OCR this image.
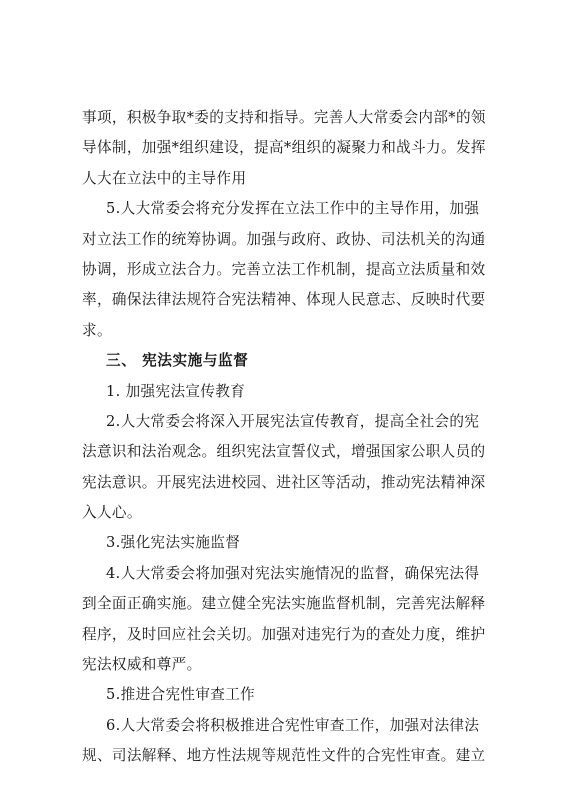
事项，积极争取*委的支持和指导。完善人大常委会内部*的领
导体制，加强*组织建设，提高*组织的凝聚力和战斗力。发挥
人大在立法中的主导作用
5.人大常委会将充分发挥在立法工作中的主导作用，加强
对立法工作的统筹协调。加强与政府、政协、司法机关的沟通
协调，形成立法合力。完善立法工作机制，提高立法质量和效
率，确保法律法规符合宪法精神、体现人民意志、反映时代要
求。
三、 宪法实施与监督
1. 加强宪法宣传教育
2.人大常委会将深入开展宪法宣传教育，提高全社会的宪
法意识和法治观念。组织宪法宣誓仪式，增强国家公职人员的
宪法意识。开展宪法进校园、进社区等活动，推动宪法精神深
入人心。
3.强化宪法实施监督
4.人大常委会将加强对宪法实施情况的监督，确保宪法得
到全面正确实施。建立健全宪法实施监督机制，完善宪法解释
程序，及时回应社会关切。加强对违宪行为的查处力度，维护
宪法权威和尊严。
5.推进合宪性审查工作
6.人大常委会将积极推进合宪性审查工作，加强对法律法
规、司法解释、地方性法规等规范性文件的合宪性审查。建立
